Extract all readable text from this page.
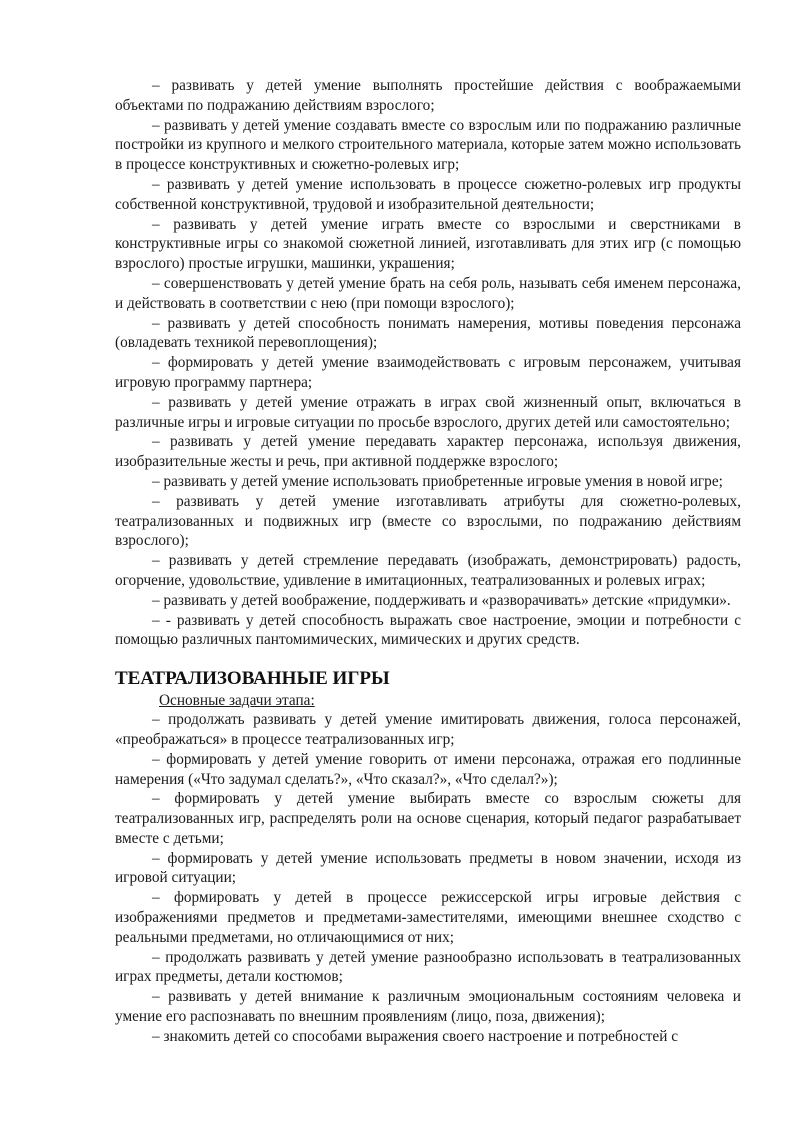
– развивать у детей умение выполнять простейшие действия с воображаемыми объектами по подражанию действиям взрослого;

– развивать у детей умение создавать вместе со взрослым или по подражанию различные постройки из крупного и мелкого строительного материала, которые затем можно использовать в процессе конструктивных и сюжетно-ролевых игр;

– развивать у детей умение использовать в процессе сюжетно-ролевых игр продукты собственной конструктивной, трудовой и изобразительной деятельности;

– развивать у детей умение играть вместе со взрослыми и сверстниками в конструктивные игры со знакомой сюжетной линией, изготавливать для этих игр (с помощью взрослого) простые игрушки, машинки, украшения;

– совершенствовать у детей умение брать на себя роль, называть себя именем персонажа, и действовать в соответствии с нею (при помощи взрослого);

– развивать у детей способность понимать намерения, мотивы поведения персонажа (овладевать техникой перевоплощения);

– формировать у детей умение взаимодействовать с игровым персонажем, учитывая игровую программу партнера;

– развивать у детей умение отражать в играх свой жизненный опыт, включаться в различные игры и игровые ситуации по просьбе взрослого, других детей или самостоятельно;

– развивать у детей умение передавать характер персонажа, используя движения, изобразительные жесты и речь, при активной поддержке взрослого;

– развивать у детей умение использовать приобретенные игровые умения в новой игре;

– развивать у детей умение изготавливать атрибуты для сюжетно-ролевых, театрализованных и подвижных игр (вместе со взрослыми, по подражанию действиям взрослого);

– развивать у детей стремление передавать (изображать, демонстрировать) радость, огорчение, удовольствие, удивление в имитационных, театрализованных и ролевых играх;

– развивать у детей воображение, поддерживать и «разворачивать» детские «придумки».

– - развивать у детей способность выражать свое настроение, эмоции и потребности с помощью различных пантомимических, мимических и других средств.

ТЕАТРАЛИЗОВАННЫЕ ИГРЫ

Основные задачи этапа:

– продолжать развивать у детей умение имитировать движения, голоса персонажей, «преображаться» в процессе театрализованных игр;

– формировать у детей умение говорить от имени персонажа, отражая его подлинные намерения («Что задумал сделать?», «Что сказал?», «Что сделал?»);

– формировать у детей умение выбирать вместе со взрослым сюжеты для театрализованных игр, распределять роли на основе сценария, который педагог разрабатывает вместе с детьми;

– формировать у детей умение использовать предметы в новом значении, исходя из игровой ситуации;

– формировать у детей в процессе режиссерской игры игровые действия с изображениями предметов и предметами-заместителями, имеющими внешнее сходство с реальными предметами, но отличающимися от них;

– продолжать развивать у детей умение разнообразно использовать в театрализованных играх предметы, детали костюмов;

– развивать у детей внимание к различным эмоциональным состояниям человека и умение его распознавать по внешним проявлениям (лицо, поза, движения);

– знакомить детей со способами выражения своего настроение и потребностей с
